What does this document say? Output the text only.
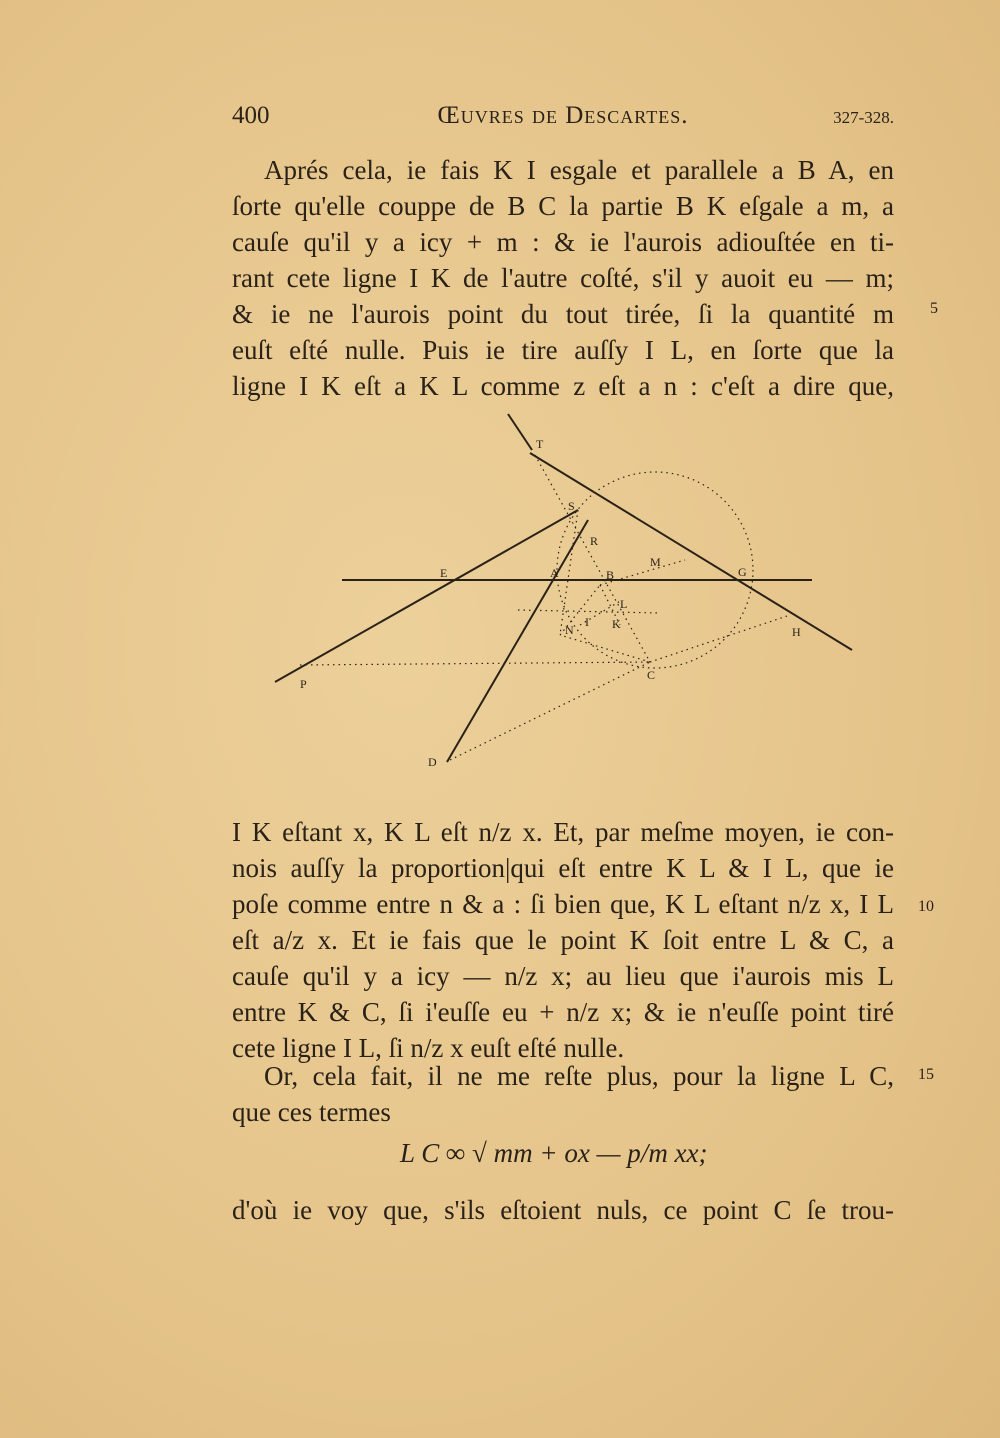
400	Œuvres de Descartes.	327-328.
Aprés cela, ie fais K I esgale et parallele a B A, en
ſorte qu'elle couppe de B C la partie B K eſgale a m, a
cauſe qu'il y a icy + m : & ie l'aurois adiouſtée en ti-
rant cete ligne I K de l'autre coſté, s'il y auoit eu — m;
& ie ne l'aurois point du tout tirée, ſi la quantité m
euſt eſté nulle. Puis ie tire auſſy I L, en ſorte que la
ligne I K eſt a K L comme z eſt a n : c'eſt a dire que,
5
T
S
R
E	A	B
M
G
L
N
I K
H
P
C
D
I K eſtant x, K L eſt n/z x. Et, par meſme moyen, ie con-
nois auſſy la proportion|qui eſt entre K L & I L, que ie
poſe comme entre n & a : ſi bien que, K L eſtant n/z x, I L
eſt a/z x. Et ie fais que le point K ſoit entre L & C, a
cauſe qu'il y a icy — n/z x; au lieu que i'aurois mis L
entre K & C, ſi i'euſſe eu + n/z x; & ie n'euſſe point tiré
cete ligne I L, ſi n/z x euſt eſté nulle.
10
Or, cela fait, il ne me reſte plus, pour la ligne L C,
que ces termes
15
L C ∞ √ mm + ox — p/m xx;
d'où ie voy que, s'ils eſtoient nuls, ce point C ſe trou-
